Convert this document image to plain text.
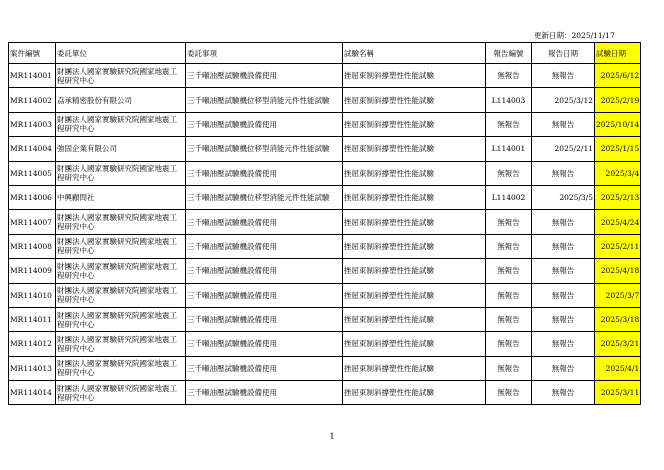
更新日期：2025/11/17
案件編號	委託單位	委託事項	試驗名稱	報告編號	報告日期	試驗日期
MR114001	財團法人國家實驗研究院國家地震工程研究中心	三千噸油壓試驗機設備使用	挫屈束制斜撐塑性性能試驗	無報告	無報告	2025/6/12
MR114002	劦承精密股份有限公司	三千噸油壓試驗機位移型消能元件性能試驗	挫屈束制斜撐塑性性能試驗	L114003	2025/3/12	2025/2/19
MR114003	財團法人國家實驗研究院國家地震工程研究中心	三千噸油壓試驗機設備使用	挫屈束制斜撐塑性性能試驗	無報告	無報告	2025/10/14
MR114004	強固企業有限公司	三千噸油壓試驗機位移型消能元件性能試驗	挫屈束制斜撐塑性性能試驗	L114001	2025/2/11	2025/1/15
MR114005	財團法人國家實驗研究院國家地震工程研究中心	三千噸油壓試驗機設備使用	挫屈束制斜撐塑性性能試驗	無報告	無報告	2025/3/4
MR114006	中興顧問社	三千噸油壓試驗機位移型消能元件性能試驗	挫屈束制斜撐塑性性能試驗	L114002	2025/3/5	2025/2/13
MR114007	財團法人國家實驗研究院國家地震工程研究中心	三千噸油壓試驗機設備使用	挫屈束制斜撐塑性性能試驗	無報告	無報告	2025/4/24
MR114008	財團法人國家實驗研究院國家地震工程研究中心	三千噸油壓試驗機設備使用	挫屈束制斜撐塑性性能試驗	無報告	無報告	2025/2/11
MR114009	財團法人國家實驗研究院國家地震工程研究中心	三千噸油壓試驗機設備使用	挫屈束制斜撐塑性性能試驗	無報告	無報告	2025/4/18
MR114010	財團法人國家實驗研究院國家地震工程研究中心	三千噸油壓試驗機設備使用	挫屈束制斜撐塑性性能試驗	無報告	無報告	2025/3/7
MR114011	財團法人國家實驗研究院國家地震工程研究中心	三千噸油壓試驗機設備使用	挫屈束制斜撐塑性性能試驗	無報告	無報告	2025/3/18
MR114012	財團法人國家實驗研究院國家地震工程研究中心	三千噸油壓試驗機設備使用	挫屈束制斜撐塑性性能試驗	無報告	無報告	2025/3/21
MR114013	財團法人國家實驗研究院國家地震工程研究中心	三千噸油壓試驗機設備使用	挫屈束制斜撐塑性性能試驗	無報告	無報告	2025/4/1
MR114014	財團法人國家實驗研究院國家地震工程研究中心	三千噸油壓試驗機設備使用	挫屈束制斜撐塑性性能試驗	無報告	無報告	2025/3/11
1
